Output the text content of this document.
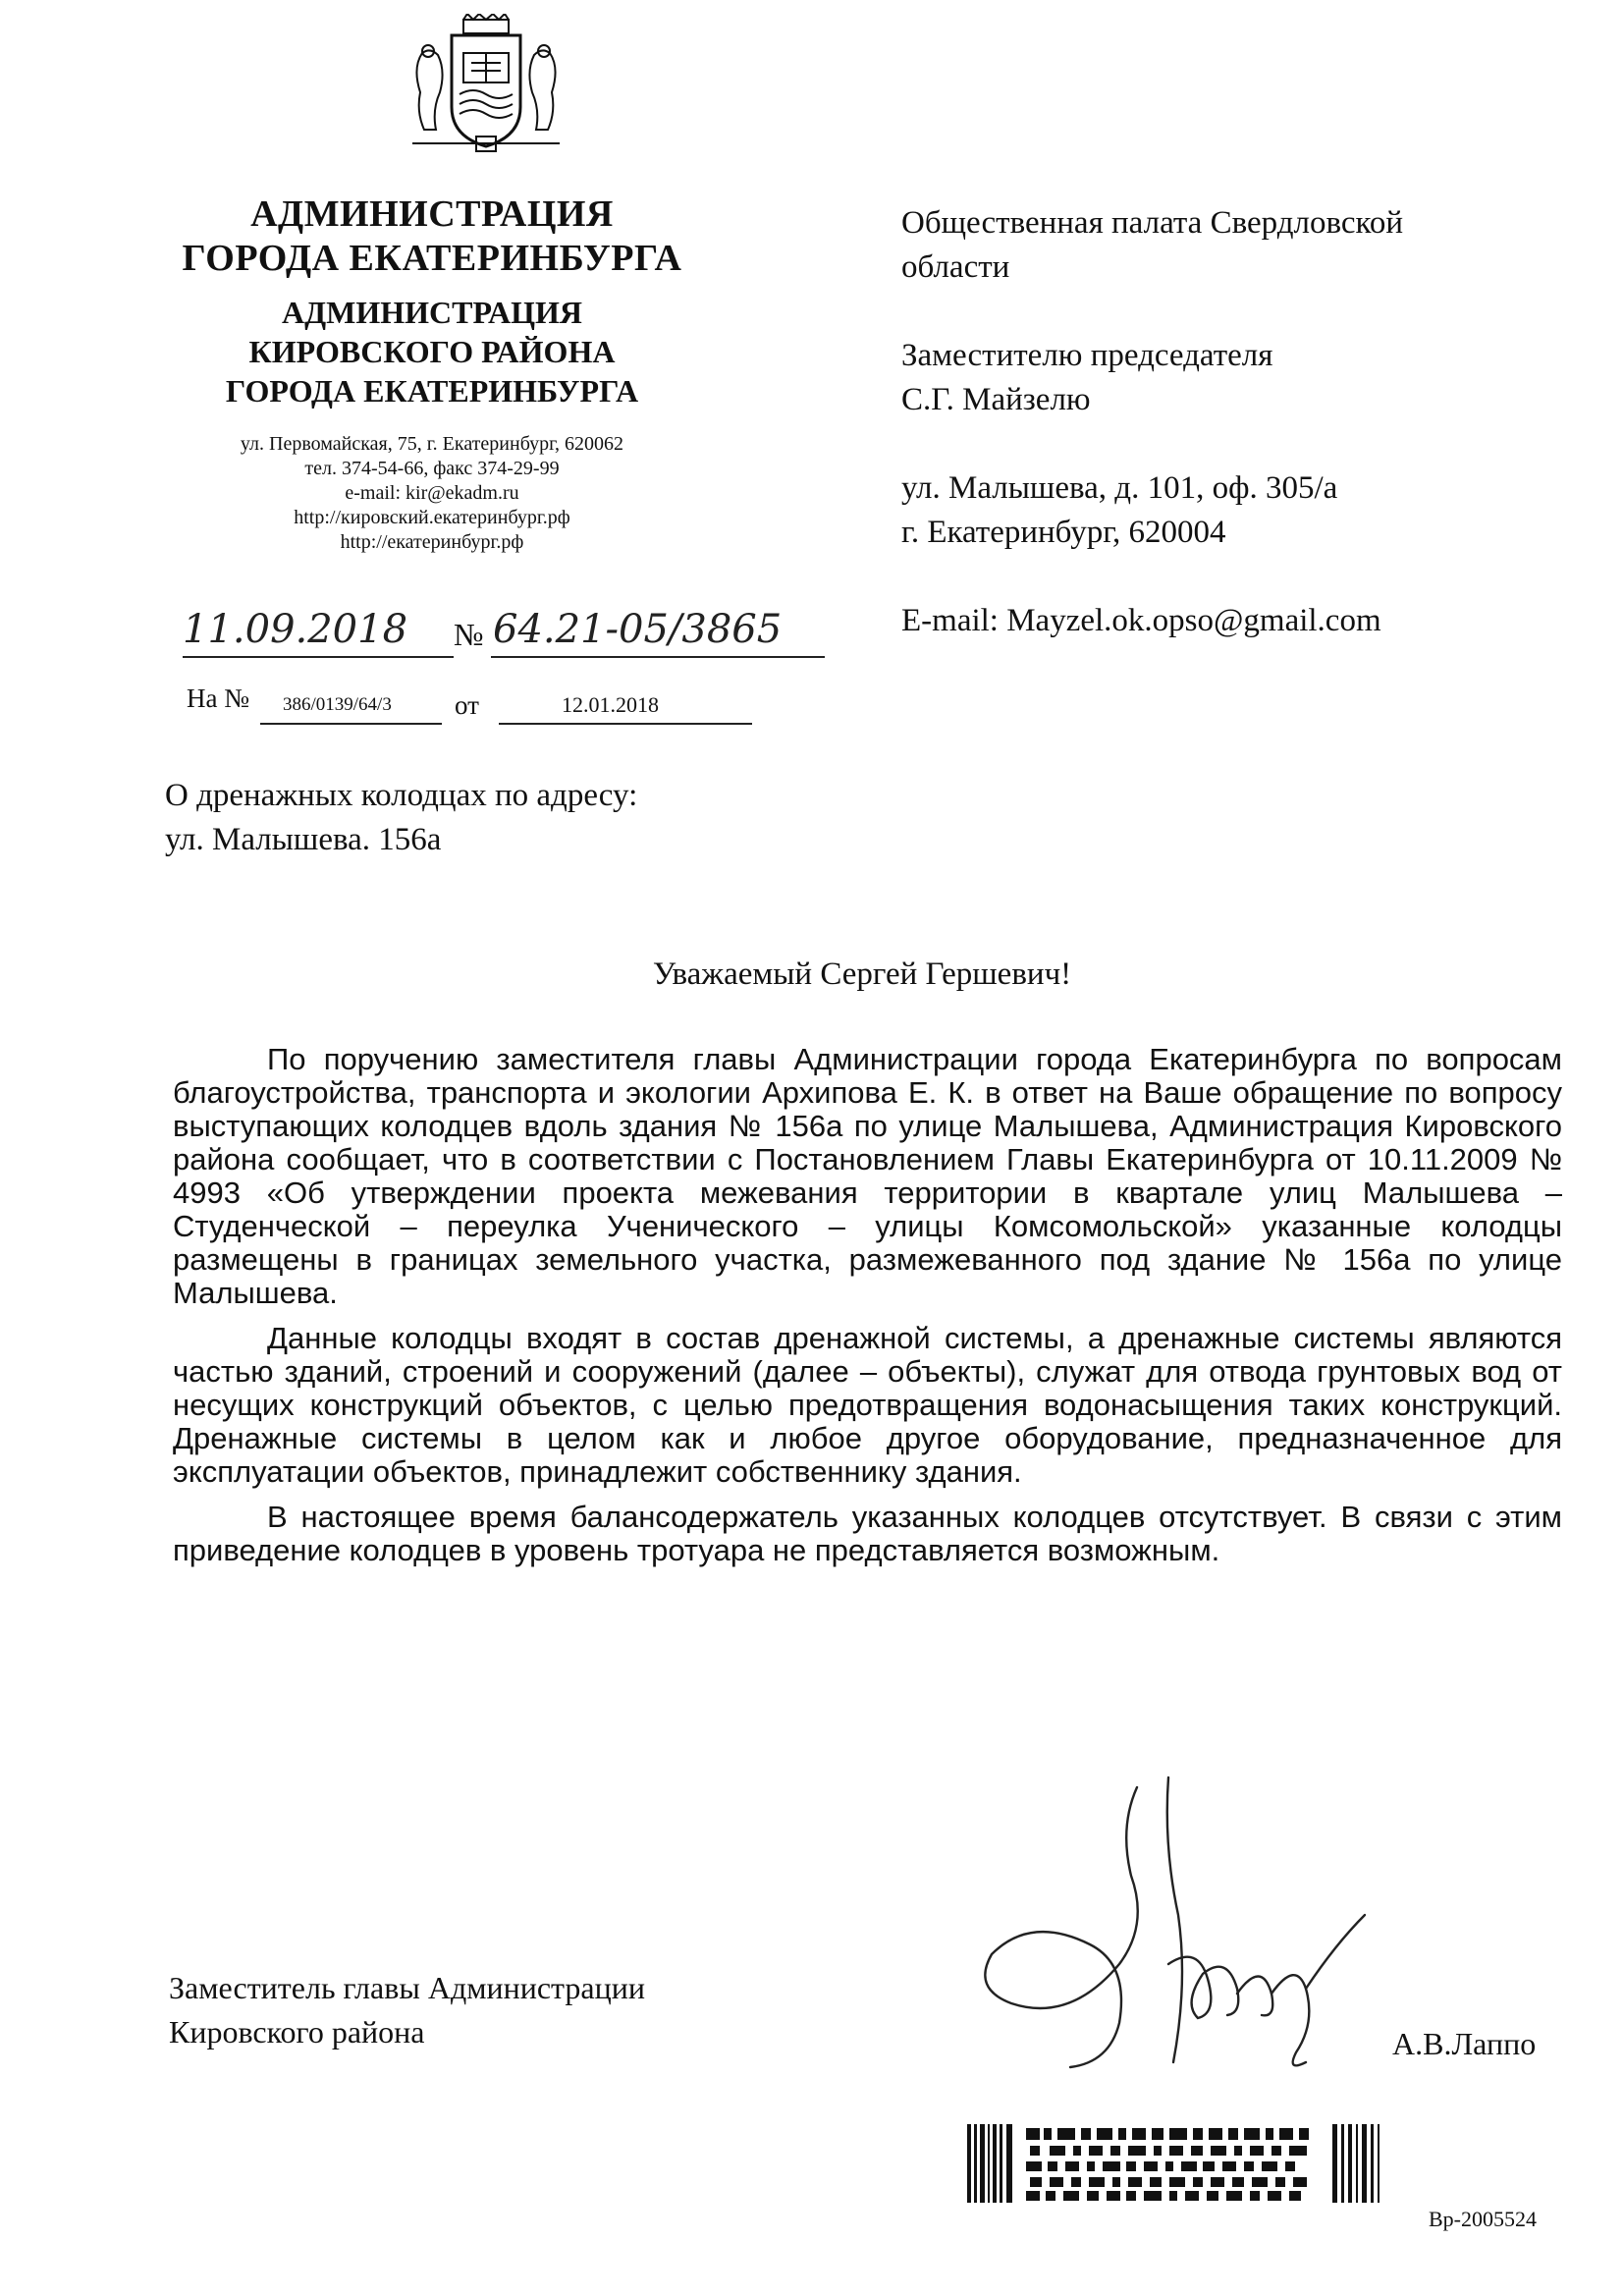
АДМИНИСТРАЦИЯ
ГОРОДА ЕКАТЕРИНБУРГА
АДМИНИСТРАЦИЯ
КИРОВСКОГО РАЙОНА
ГОРОДА ЕКАТЕРИНБУРГА
ул. Первомайская, 75, г. Екатеринбург, 620062
тел. 374-54-66, факс 374-29-99
e-mail: kir@ekadm.ru
http://кировский.екатеринбург.рф
http://екатеринбург.рф
Общественная палата Свердловской
области
Заместителю председателя
С.Г. Майзелю
ул. Малышева, д. 101, оф. 305/а
г. Екатеринбург, 620004
E-mail: Mayzel.ok.opso@gmail.com
11.09.2018 № 64.21-05/3865
На № 386/0139/64/3 от	12.01.2018
О дренажных колодцах по адресу:
ул. Малышева. 156а
Уважаемый Сергей Гершевич!

По поручению заместителя главы Администрации города Екатеринбурга по вопросам благоустройства, транспорта и экологии Архипова Е. К. в ответ на Ваше обращение по вопросу выступающих колодцев вдоль здания № 156а по улице Малышева, Администрация Кировского района сообщает, что в соответствии с Постановлением Главы Екатеринбурга от 10.11.2009 № 4993 «Об утверждении проекта межевания территории в квартале улиц Малышева – Студенческой – переулка Ученического – улицы Комсомольской» указанные колодцы размещены в границах земельного участка, размежеванного под здание № 156а по улице Малышева.

Данные колодцы входят в состав дренажной системы, а дренажные системы являются частью зданий, строений и сооружений (далее – объекты), служат для отвода грунтовых вод от несущих конструкций объектов, с целью предотвращения водонасыщения таких конструкций. Дренажные системы в целом как и любое другое оборудование, предназначенное для эксплуатации объектов, принадлежит собственнику здания.

В настоящее время балансодержатель указанных колодцев отсутствует. В связи с этим приведение колодцев в уровень тротуара не представляется возможным.

Заместитель главы Администрации
Кировского района	А.В.Лаппо
Вр-2005524
